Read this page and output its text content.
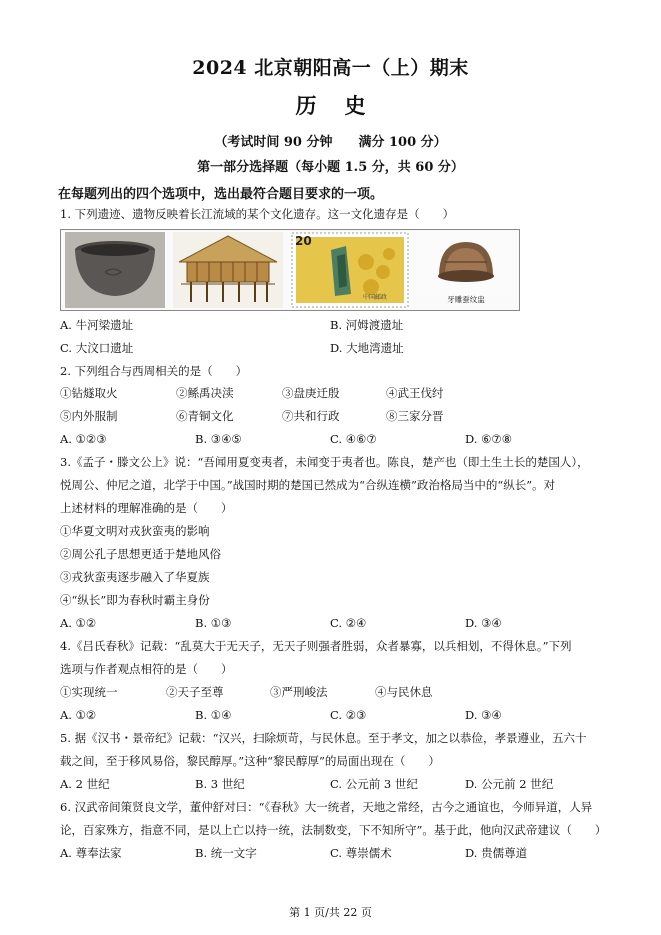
2024 北京朝阳高一（上）期末
历史
（考试时间 90 分钟　　满分 100 分）
第一部分选择题（每小题 1.5 分，共 60 分）
在每题列出的四个选项中，选出最符合题目要求的一项。
1. 下列遗迹、遗物反映着长江流域的某个文化遗存。这一文化遗存是（　　）
20
中国邮政	牙雕蚕纹盅
A. 牛河梁遗址	B. 河姆渡遗址
C. 大汶口遗址	D. 大地湾遗址
2. 下列组合与西周相关的是（　　）
①钻燧取火	②鲧禹决渎	③盘庚迁殷	④武王伐纣
⑤内外服制	⑥青铜文化	⑦共和行政	⑧三家分晋
A. ①②③	B. ③④⑤	C. ④⑥⑦	D. ⑥⑦⑧
3.《孟子・滕文公上》说：“吾闻用夏变夷者，未闻变于夷者也。陈良，楚产也（即土生土长的楚国人），
悦周公、仲尼之道，北学于中国。”战国时期的楚国已然成为“合纵连横”政治格局当中的“纵长”。对
上述材料的理解准确的是（　　）
①华夏文明对戎狄蛮夷的影响
②周公孔子思想更适于楚地风俗
③戎狄蛮夷逐步融入了华夏族
④“纵长”即为春秋时霸主身份
A. ①②	B. ①③	C. ②④	D. ③④
4.《吕氏春秋》记载：“乱莫大于无天子，无天子则强者胜弱，众者暴寡，以兵相划，不得休息。”下列
选项与作者观点相符的是（　　）
①实现统一	②天子至尊	③严刑峻法	④与民休息
A. ①②	B. ①④	C. ②③	D. ③④
5. 据《汉书・景帝纪》记载：“汉兴，扫除烦苛，与民休息。至于孝文，加之以恭俭，孝景遵业，五六十
载之间，至于移风易俗，黎民醇厚。”这种“黎民醇厚”的局面出现在（　　）
A. 2 世纪	B. 3 世纪	C. 公元前 3 世纪	D. 公元前 2 世纪
6. 汉武帝间策贤良文学，董仲舒对曰：“《春秋》大一统者，天地之常经，古今之通谊也，今师异道，人异
论，百家殊方，指意不同，是以上亡以持一统，法制数变，下不知所守”。基于此，他向汉武帝建议（　　）
A. 尊奉法家	B. 统一文字	C. 尊崇儒术	D. 贵儒尊道
第 1 页/共 22 页
